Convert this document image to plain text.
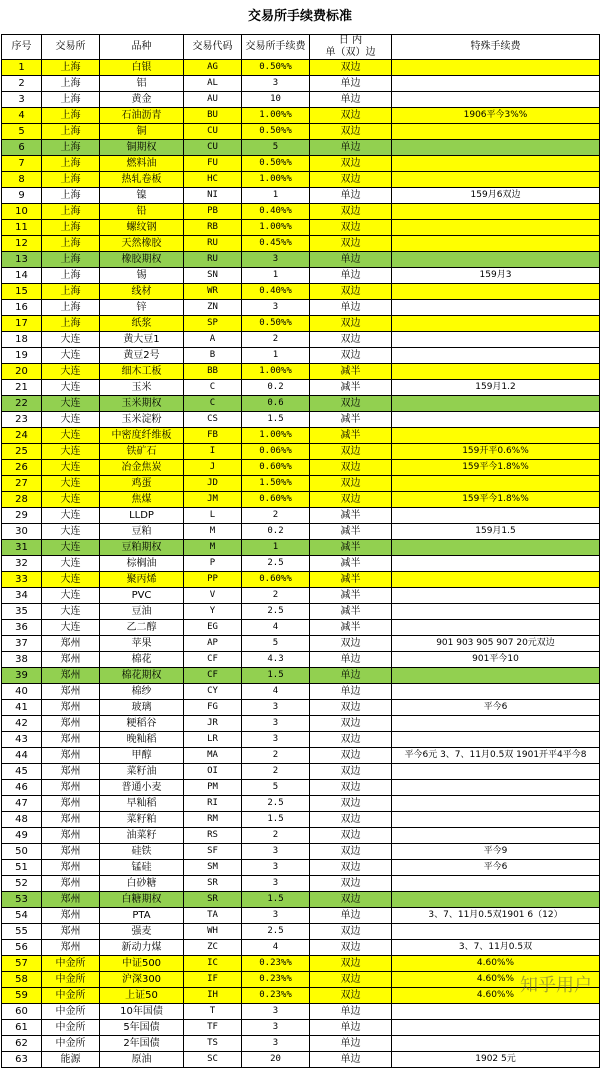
交易所手续费标准
序号	交易所	品种	交易代码	交易所手续费	日 内
单（双）边	特殊手续费
1	上海	白银	AG	0.50%%	双边	
2	上海	铝	AL	3	单边	
3	上海	黄金	AU	10	单边	
4	上海	石油沥青	BU	1.00%%	双边	1906平今3%%
5	上海	铜	CU	0.50%%	双边	
6	上海	铜期权	CU	5	单边	
7	上海	燃料油	FU	0.50%%	双边	
8	上海	热轧卷板	HC	1.00%%	双边	
9	上海	镍	NI	1	单边	159月6双边
10	上海	铅	PB	0.40%%	双边	
11	上海	螺纹钢	RB	1.00%%	双边	
12	上海	天然橡胶	RU	0.45%%	双边	
13	上海	橡胶期权	RU	3	单边	
14	上海	锡	SN	1	单边	159月3
15	上海	线材	WR	0.40%%	双边	
16	上海	锌	ZN	3	单边	
17	上海	纸浆	SP	0.50%%	双边	
18	大连	黄大豆1	A	2	双边	
19	大连	黄豆2号	B	1	双边	
20	大连	细木工板	BB	1.00%%	减半	
21	大连	玉米	C	0.2	减半	159月1.2
22	大连	玉米期权	C	0.6	双边	
23	大连	玉米淀粉	CS	1.5	减半	
24	大连	中密度纤维板	FB	1.00%%	减半	
25	大连	铁矿石	I	0.06%%	双边	159开平0.6%%
26	大连	冶金焦炭	J	0.60%%	双边	159平今1.8%%
27	大连	鸡蛋	JD	1.50%%	双边	
28	大连	焦煤	JM	0.60%%	双边	159平今1.8%%
29	大连	LLDP	L	2	减半	
30	大连	豆粕	M	0.2	减半	159月1.5
31	大连	豆粕期权	M	1	减半	
32	大连	棕榈油	P	2.5	减半	
33	大连	聚丙烯	PP	0.60%%	减半	
34	大连	PVC	V	2	减半	
35	大连	豆油	Y	2.5	减半	
36	大连	乙二醇	EG	4	减半	
37	郑州	苹果	AP	5	双边	901 903 905 907 20元双边
38	郑州	棉花	CF	4.3	单边	901平今10
39	郑州	棉花期权	CF	1.5	单边	
40	郑州	棉纱	CY	4	单边	
41	郑州	玻璃	FG	3	双边	平今6
42	郑州	粳稻谷	JR	3	双边	
43	郑州	晚籼稻	LR	3	双边	
44	郑州	甲醇	MA	2	双边	平今6元 3、7、11月0.5双 1901开平4平今8
45	郑州	菜籽油	OI	2	双边	
46	郑州	普通小麦	PM	5	双边	
47	郑州	早籼稻	RI	2.5	双边	
48	郑州	菜籽粕	RM	1.5	双边	
49	郑州	油菜籽	RS	2	双边	
50	郑州	硅铁	SF	3	双边	平今9
51	郑州	锰硅	SM	3	双边	平今6
52	郑州	白砂糖	SR	3	双边	
53	郑州	白糖期权	SR	1.5	双边	
54	郑州	PTA	TA	3	单边	3、7、11月0.5双1901 6（12）
55	郑州	强麦	WH	2.5	双边	
56	郑州	新动力煤	ZC	4	双边	3、7、11月0.5双
57	中金所	中证500	IC	0.23%%	双边	4.60%%
58	中金所	沪深300	IF	0.23%%	双边	4.60%%
59	中金所	上证50	IH	0.23%%	双边	4.60%%
60	中金所	10年国债	T	3	单边	
61	中金所	5年国债	TF	3	单边	
62	中金所	2年国债	TS	3	单边	
63	能源	原油	SC	20	单边	1902 5元
知乎用户
